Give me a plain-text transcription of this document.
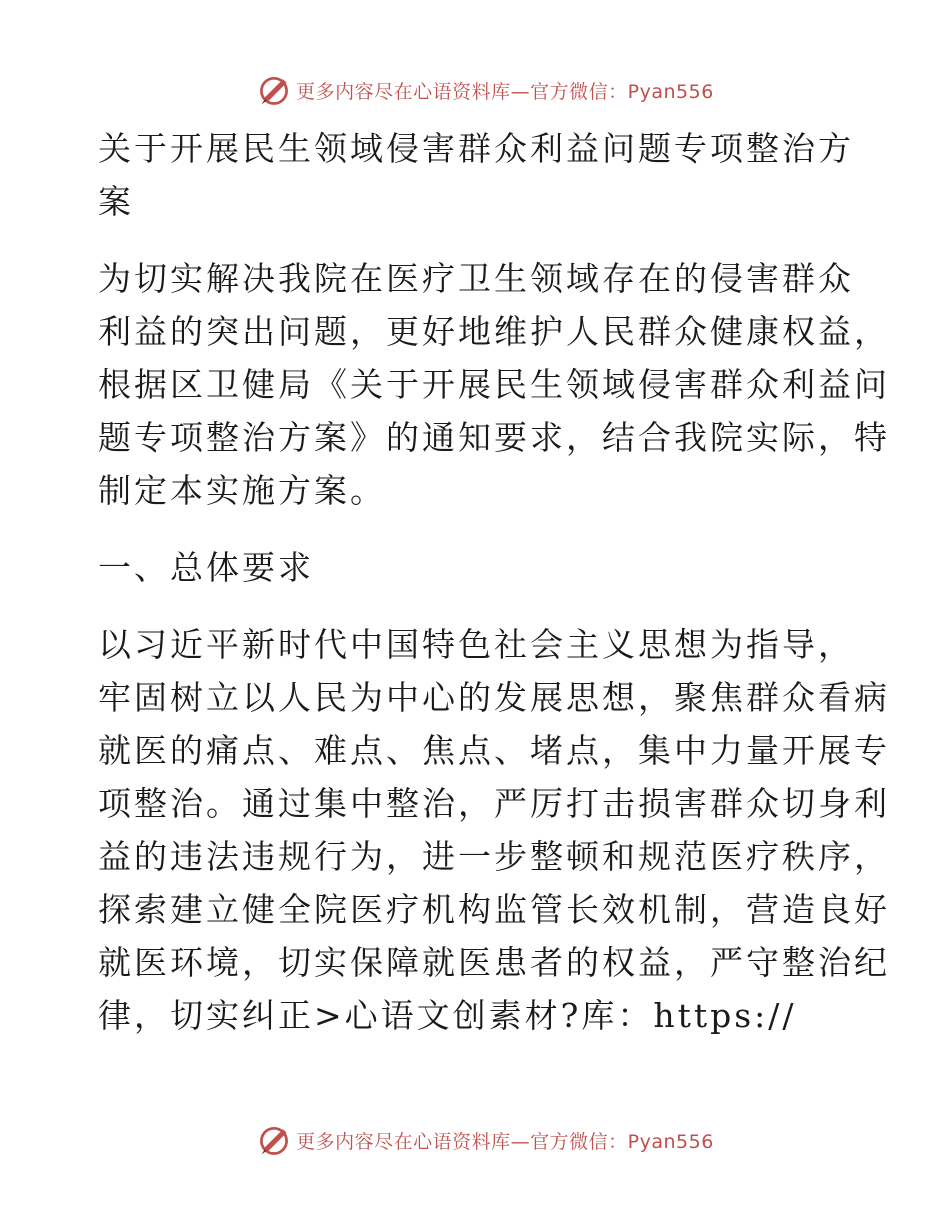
更多内容尽在心语资料库—官方微信：Pyan556

关于开展民生领域侵害群众利益问题专项整治方

案

为切实解决我院在医疗卫生领域存在的侵害群众

利益的突出问题，更好地维护人民群众健康权益，

根据区卫健局《关于开展民生领域侵害群众利益问

题专项整治方案》的通知要求，结合我院实际，特

制定本实施方案。

一、总体要求

以习近平新时代中国特色社会主义思想为指导，

牢固树立以人民为中心的发展思想，聚焦群众看病

就医的痛点、难点、焦点、堵点，集中力量开展专

项整治。通过集中整治，严厉打击损害群众切身利

益的违法违规行为，进一步整顿和规范医疗秩序，

探索建立健全院医疗机构监管长效机制，营造良好

就医环境，切实保障就医患者的权益，严守整治纪

律，切实纠正>心语文创素材?库：https://

更多内容尽在心语资料库—官方微信：Pyan556
